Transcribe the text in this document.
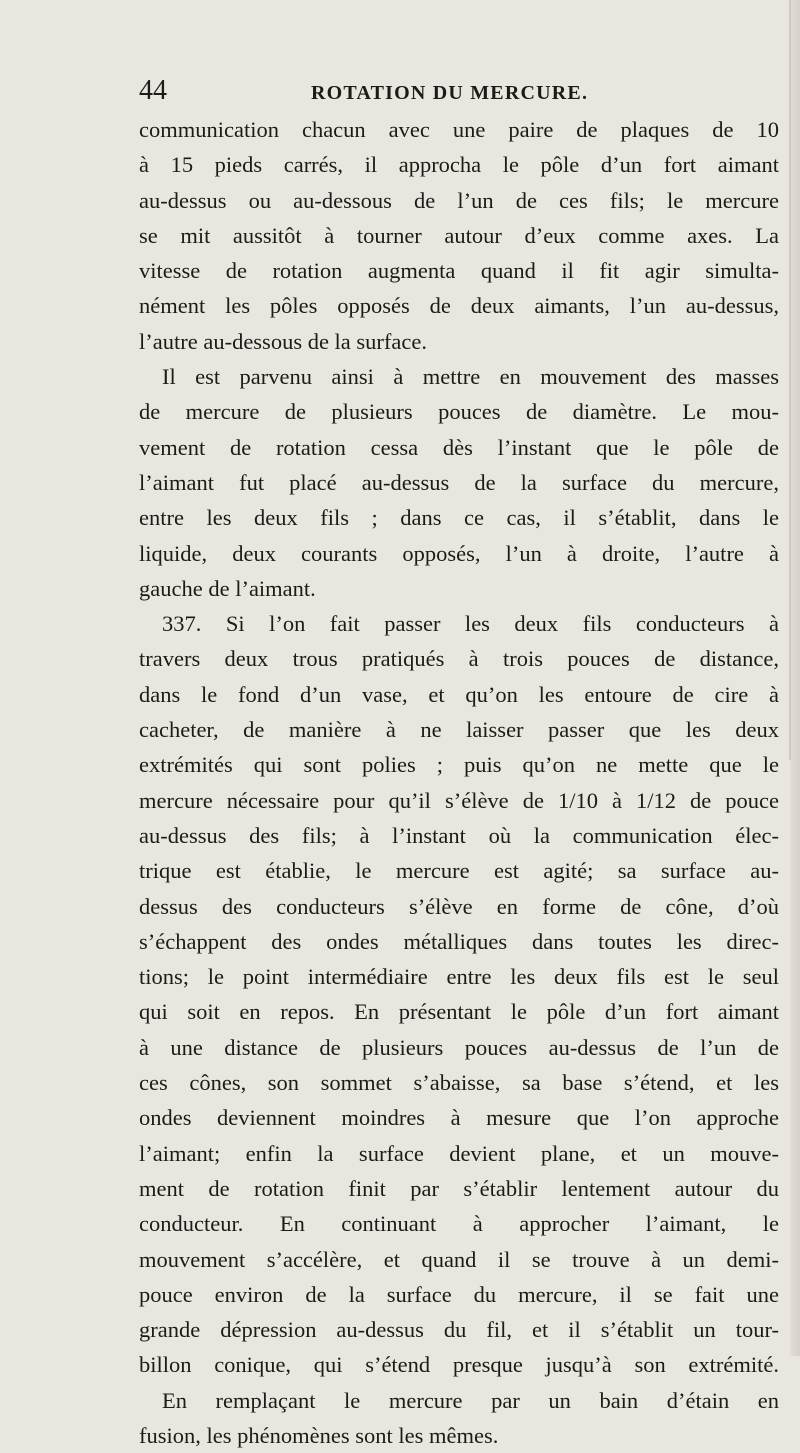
44	ROTATION DU MERCURE.
communication chacun avec une paire de plaques de 10
à 15 pieds carrés, il approcha le pôle d’un fort aimant
au-dessus ou au-dessous de l’un de ces fils; le mercure
se mit aussitôt à tourner autour d’eux comme axes. La
vitesse de rotation augmenta quand il fit agir simulta-
nément les pôles opposés de deux aimants, l’un au-dessus,
l’autre au-dessous de la surface.
Il est parvenu ainsi à mettre en mouvement des masses
de mercure de plusieurs pouces de diamètre. Le mou-
vement de rotation cessa dès l’instant que le pôle de
l’aimant fut placé au-dessus de la surface du mercure,
entre les deux fils ; dans ce cas, il s’établit, dans le
liquide, deux courants opposés, l’un à droite, l’autre à
gauche de l’aimant.
337. Si l’on fait passer les deux fils conducteurs à
travers deux trous pratiqués à trois pouces de distance,
dans le fond d’un vase, et qu’on les entoure de cire à
cacheter, de manière à ne laisser passer que les deux
extrémités qui sont polies ; puis qu’on ne mette que le
mercure nécessaire pour qu’il s’élève de 1/10 à 1/12 de pouce
au-dessus des fils; à l’instant où la communication élec-
trique est établie, le mercure est agité; sa surface au-
dessus des conducteurs s’élève en forme de cône, d’où
s’échappent des ondes métalliques dans toutes les direc-
tions; le point intermédiaire entre les deux fils est le seul
qui soit en repos. En présentant le pôle d’un fort aimant
à une distance de plusieurs pouces au-dessus de l’un de
ces cônes, son sommet s’abaisse, sa base s’étend, et les
ondes deviennent moindres à mesure que l’on approche
l’aimant; enfin la surface devient plane, et un mouve-
ment de rotation finit par s’établir lentement autour du
conducteur. En continuant à approcher l’aimant, le
mouvement s’accélère, et quand il se trouve à un demi-
pouce environ de la surface du mercure, il se fait une
grande dépression au-dessus du fil, et il s’établit un tour-
billon conique, qui s’étend presque jusqu’à son extrémité.
En remplaçant le mercure par un bain d’étain en
fusion, les phénomènes sont les mêmes.
